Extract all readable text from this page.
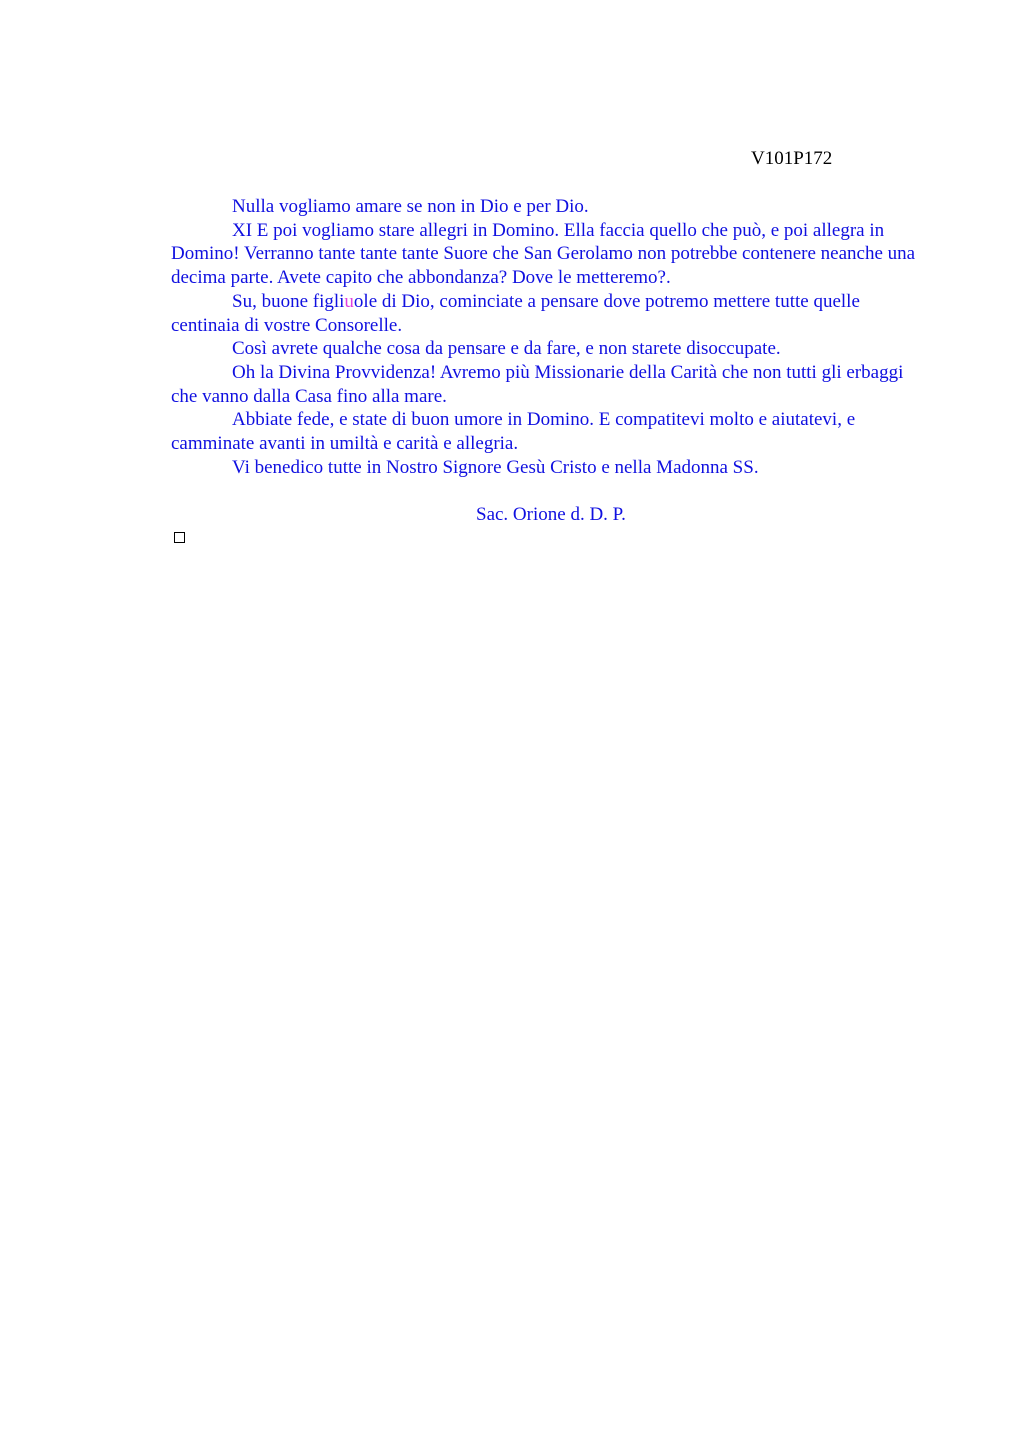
V101P172

Nulla vogliamo amare se non in Dio e per Dio.

XI E poi vogliamo stare allegri in Domino. Ella faccia quello che può, e poi allegra in Domino! Verranno tante tante tante Suore che San Gerolamo non potrebbe contenere neanche una decima parte. Avete capito che abbondanza? Dove le metteremo?.

Su, buone figliuole di Dio, cominciate a pensare dove potremo mettere tutte quelle centinaia di vostre Consorelle.

Così avrete qualche cosa da pensare e da fare, e non starete disoccupate.

Oh la Divina Provvidenza! Avremo più Missionarie della Carità che non tutti gli erbaggi che vanno dalla Casa fino alla mare.

Abbiate fede, e state di buon umore in Domino. E compatitevi molto e aiutatevi, e camminate avanti in umiltà e carità e allegria.

Vi benedico tutte in Nostro Signore Gesù Cristo e nella Madonna SS.

Sac. Orione d. D. P.
